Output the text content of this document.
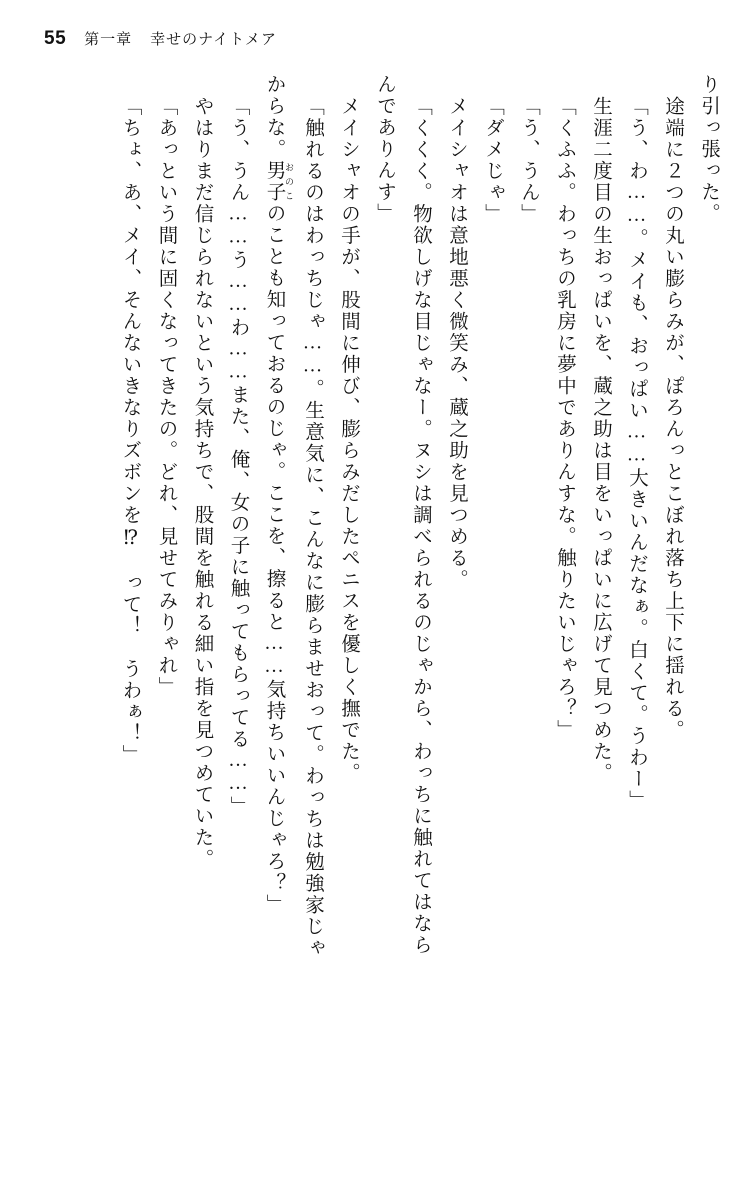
55 第一章 幸せのナイトメア
り引っ張った。
途端に２つの丸い膨らみが、ぽろんっとこぼれ落ち上下に揺れる。
「う、わ……。メイも、おっぱい……大きいんだなぁ。白くて。うわー」
生涯二度目の生おっぱいを、蔵之助は目をいっぱいに広げて見つめた。
「くふふ。わっちの乳房に夢中でありんすな。触りたいじゃろ？」
「う、うん」
「ダメじゃ」
メイシャオは意地悪く微笑み、蔵之助を見つめる。
「くくく。物欲しげな目じゃなー。ヌシは調べられるのじゃから、わっちに触れてはなら
んでありんす」
メイシャオの手が、股間に伸び、膨らみだしたペニスを優しく撫でた。
「触れるのはわっちじゃ……。生意気に、こんなに膨らませおって。わっちは勉強家じゃ
からな。男子 おのこのことも知っておるのじゃ。ここを、擦ると……気持ちいいんじゃろ？」
「う、うん……う……わ……また、俺、女の子に触ってもらってる……」
やはりまだ信じられないという気持ちで、股間を触れる細い指を見つめていた。
「あっという間に固くなってきたの。どれ、見せてみりゃれ」
「ちょ、あ、メイ、そんないきなりズボンを⁉　って！　うわぁ！」
